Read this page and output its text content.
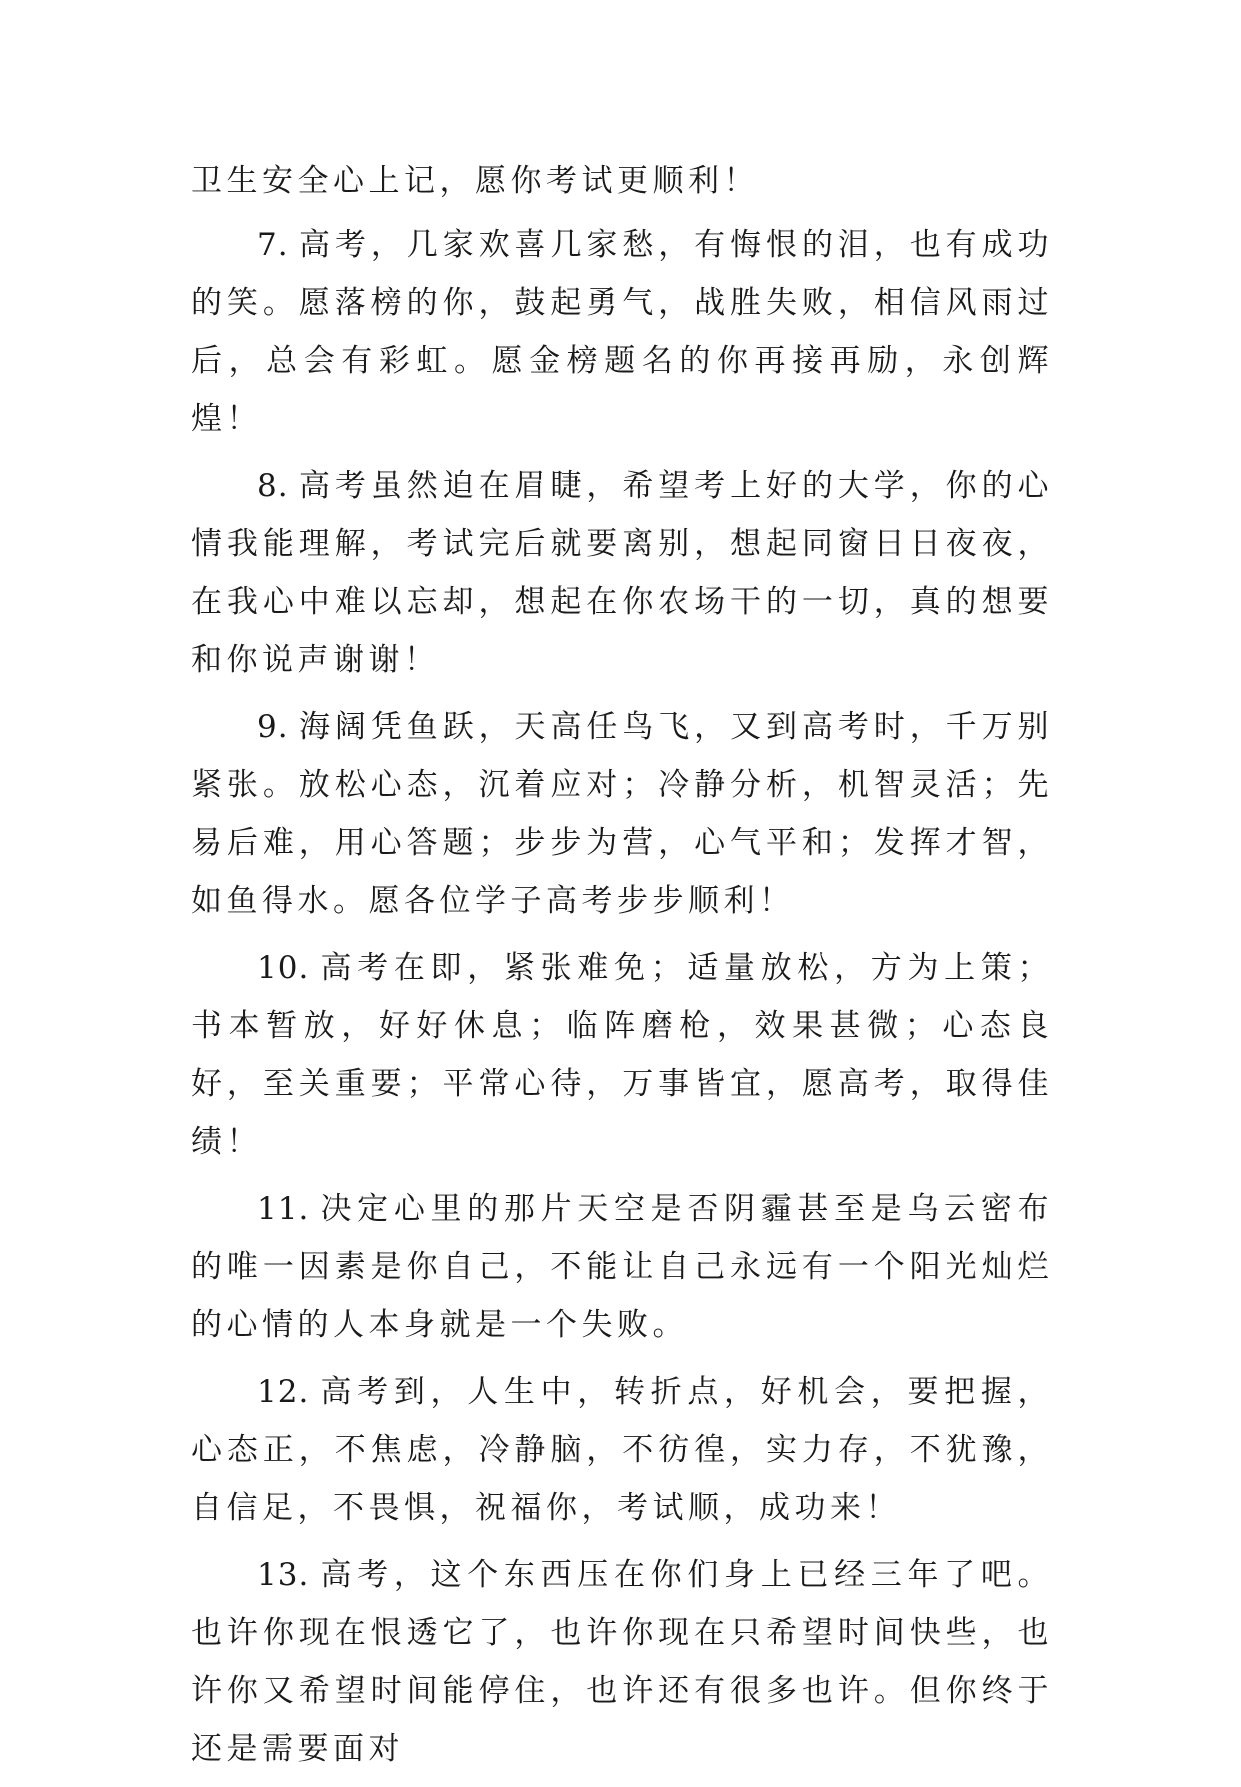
卫生安全心上记，愿你考试更顺利！

7. 高考，几家欢喜几家愁，有悔恨的泪，也有成功的笑。愿落榜的你，鼓起勇气，战胜失败，相信风雨过后，总会有彩虹。愿金榜题名的你再接再励，永创辉煌！

8. 高考虽然迫在眉睫，希望考上好的大学，你的心情我能理解，考试完后就要离别，想起同窗日日夜夜，在我心中难以忘却，想起在你农场干的一切，真的想要和你说声谢谢！

9. 海阔凭鱼跃，天高任鸟飞，又到高考时，千万别紧张。放松心态，沉着应对；冷静分析，机智灵活；先易后难，用心答题；步步为营，心气平和；发挥才智，如鱼得水。愿各位学子高考步步顺利！

10. 高考在即，紧张难免；适量放松，方为上策；书本暂放，好好休息；临阵磨枪，效果甚微；心态良好，至关重要；平常心待，万事皆宜，愿高考，取得佳绩！

11. 决定心里的那片天空是否阴霾甚至是乌云密布的唯一因素是你自己，不能让自己永远有一个阳光灿烂的心情的人本身就是一个失败。

12. 高考到，人生中，转折点，好机会，要把握，心态正，不焦虑，冷静脑，不彷徨，实力存，不犹豫，自信足，不畏惧，祝福你，考试顺，成功来！

13. 高考，这个东西压在你们身上已经三年了吧。也许你现在恨透它了，也许你现在只希望时间快些，也许你又希望时间能停住，也许还有很多也许。但你终于还是需要面对
